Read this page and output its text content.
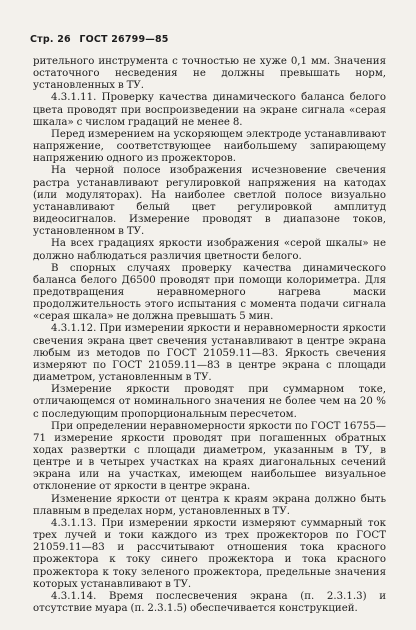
Стр. 26 ГОСТ 26799—85

рительного инструмента с точностью не хуже 0,1 мм. Значения остаточного несведения не должны превышать норм, установленных в ТУ.

4.3.1.11. Проверку качества динамического баланса белого цвета проводят при воспроизведении на экране сигнала «серая шкала» с числом градаций не менее 8.

Перед измерением на ускоряющем электроде устанавливают напряжение, соответствующее наибольшему запирающему напряжению одного из прожекторов.

На черной полосе изображения исчезновение свечения растра устанавливают регулировкой напряжения на катодах (или модуляторах). На наиболее светлой полосе визуально устанавливают белый цвет регулировкой амплитуд видеосигналов. Измерение проводят в диапазоне токов, установленном в ТУ.

На всех градациях яркости изображения «серой шкалы» не должно наблюдаться различия цветности белого.

В спорных случаях проверку качества динамического баланса белого Д6500 проводят при помощи колориметра. Для предотвращения неравномерного нагрева маски продолжительность этого испытания с момента подачи сигнала «серая шкала» не должна превышать 5 мин.

4.3.1.12. При измерении яркости и неравномерности яркости свечения экрана цвет свечения устанавливают в центре экрана любым из методов по ГОСТ 21059.11—83. Яркость свечения измеряют по ГОСТ 21059.11—83 в центре экрана с площади диаметром, установленным в ТУ.

Измерение яркости проводят при суммарном токе, отличающемся от номинального значения не более чем на 20 % с последующим пропорциональным пересчетом.

При определении неравномерности яркости по ГОСТ 16755—71 измерение яркости проводят при погашенных обратных ходах развертки с площади диаметром, указанным в ТУ, в центре и в четырех участках на краях диагональных сечений экрана или на участках, имеющем наибольшее визуальное отклонение от яркости в центре экрана.

Изменение яркости от центра к краям экрана должно быть плавным в пределах норм, установленных в ТУ.

4.3.1.13. При измерении яркости измеряют суммарный ток трех лучей и токи каждого из трех прожекторов по ГОСТ 21059.11—83 и рассчитывают отношения тока красного прожектора к току синего прожектора и тока красного прожектора к току зеленого прожектора, предельные значения которых устанавливают в ТУ.

4.3.1.14. Время послесвечения экрана (п. 2.3.1.3) и отсутствие муара (п. 2.3.1.5) обеспечивается конструкцией.
